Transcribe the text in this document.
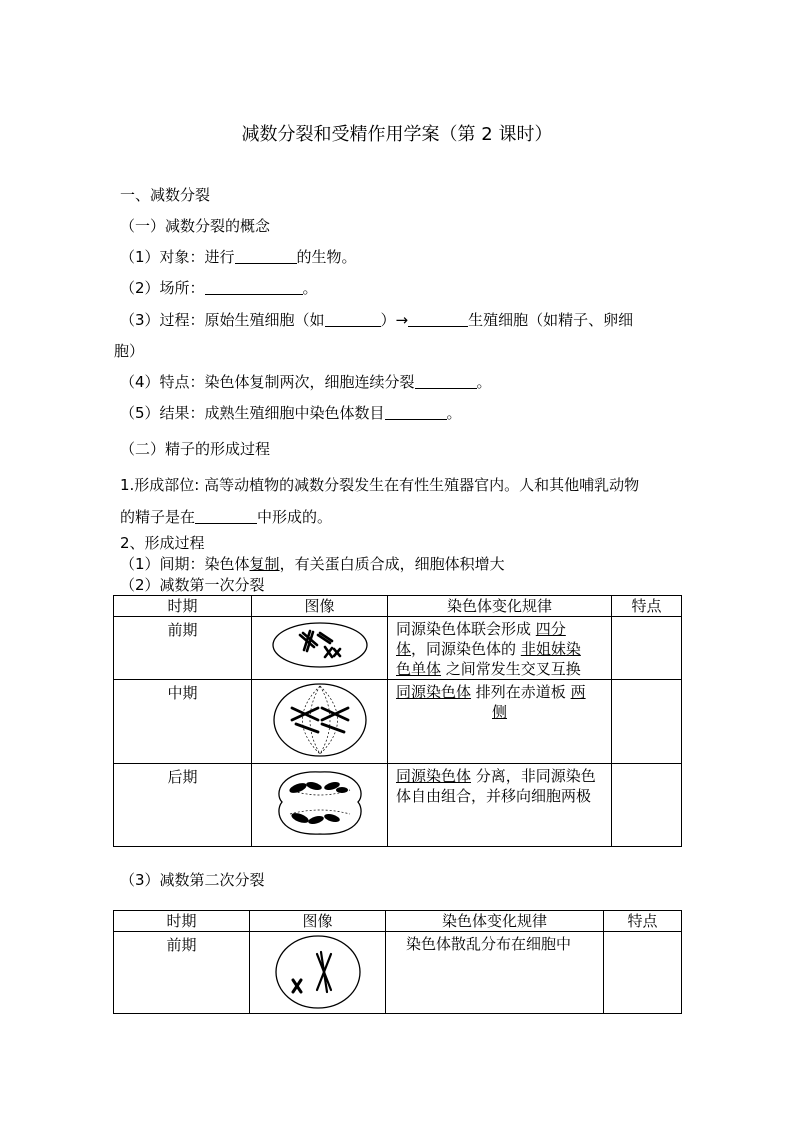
减数分裂和受精作用学案（第 2 课时）
一、减数分裂
（一）减数分裂的概念
（1）对象：进行	的生物。
（2）场所：	。
（3）过程：原始生殖细胞（如	）→	生殖细胞（如精子、卵细
胞）
（4）特点：染色体复制两次，细胞连续分裂	。
（5）结果：成熟生殖细胞中染色体数目	。
（二）精子的形成过程
1.形成部位: 高等动植物的减数分裂发生在有性生殖器官内。人和其他哺乳动物
的精子是在	中形成的。
2、形成过程
（1）间期：染色体复制，有关蛋白质合成，细胞体积增大
（2）减数第一次分裂
时期	图像	染色体变化规律	特点
前期		同源染色体联会形成 四分
体，同源染色体的 非姐妹染
色单体 之间常发生交叉互换	

中期		同源染色体 排列在赤道板 两
侧	

后期		同源染色体 分离，非同源染色
体自由组合，并移向细胞两极	

（3）减数第二次分裂
时期	图像	染色体变化规律	特点
前期		染色体散乱分布在细胞中	
